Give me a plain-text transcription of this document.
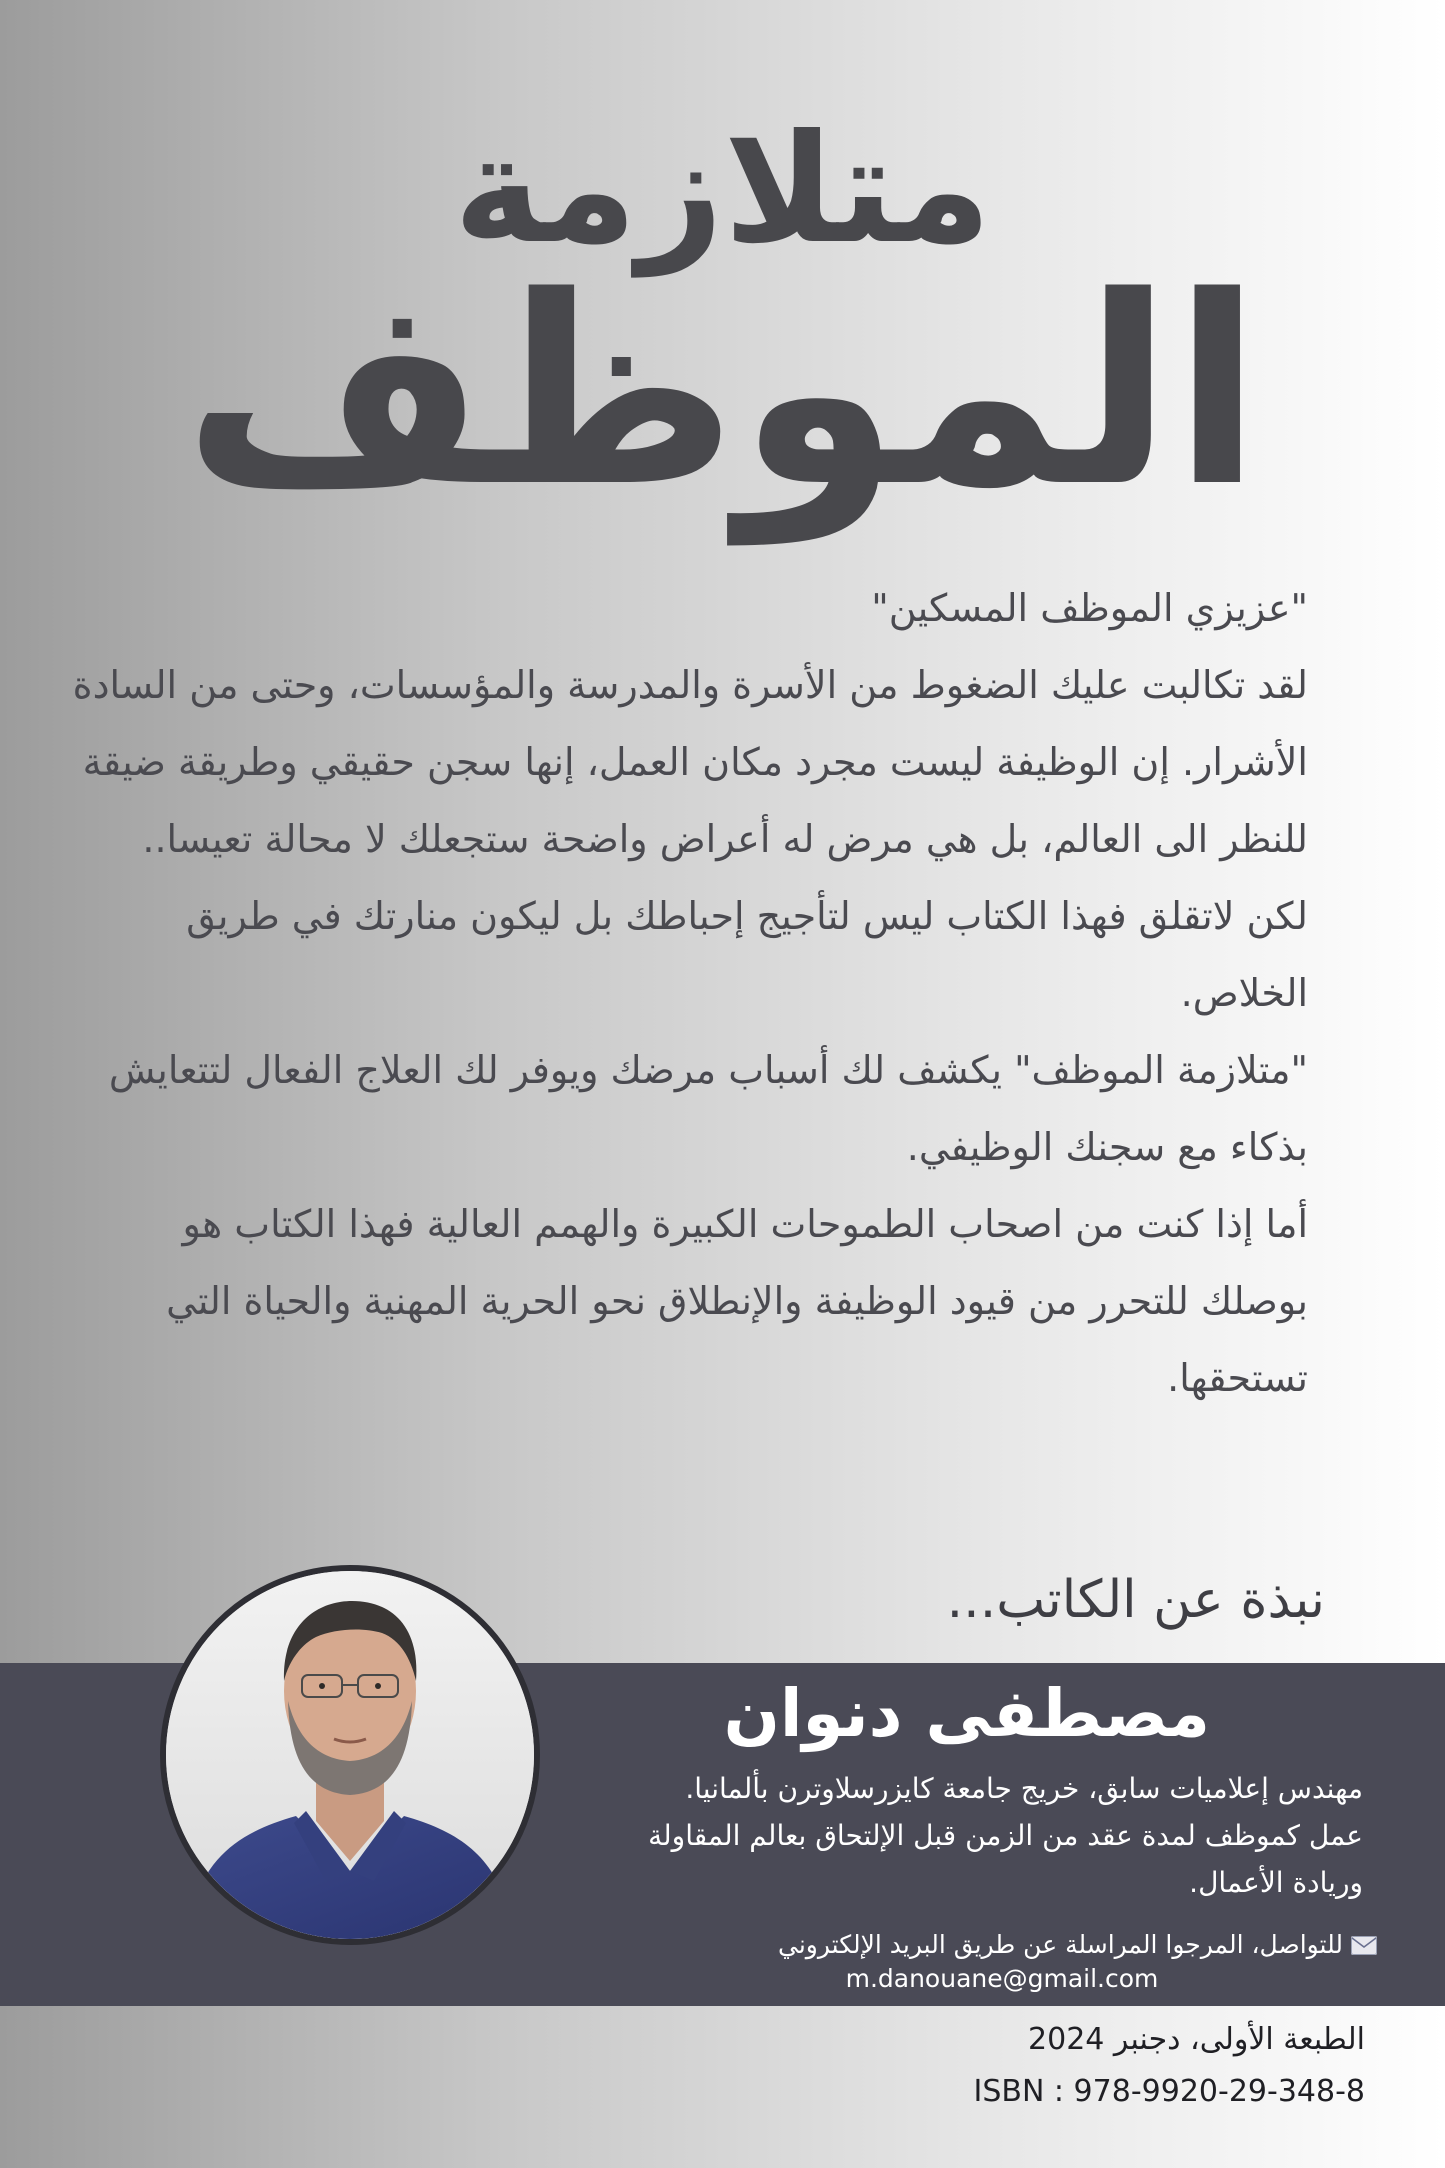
متلازمة
الموظف

"عزيزي الموظف المسكين"

لقد تكالبت عليك الضغوط من الأسرة والمدرسة والمؤسسات، وحتى من السادة الأشرار. إن الوظيفة ليست مجرد مكان العمل، إنها سجن حقيقي وطريقة ضيقة للنظر الى العالم، بل هي مرض له أعراض واضحة ستجعلك لا محالة تعيسا..

لكن لاتقلق فهذا الكتاب ليس لتأجيج إحباطك بل ليكون منارتك في طريق الخلاص.

"متلازمة الموظف" يكشف لك أسباب مرضك ويوفر لك العلاج الفعال لتتعايش بذكاء مع سجنك الوظيفي.

أما إذا كنت من اصحاب الطموحات الكبيرة والهمم العالية فهذا الكتاب هو بوصلك للتحرر من قيود الوظيفة والإنطلاق نحو الحرية المهنية والحياة التي تستحقها.

نبذة عن الكاتب...
مصطفى دنوان

مهندس إعلاميات سابق، خريج جامعة كايزرسلاوترن بألمانيا.

عمل كموظف لمدة عقد من الزمن قبل الإلتحاق بعالم المقاولة وريادة الأعمال.

للتواصل، المرجوا المراسلة عن طريق البريد الإلكتروني
m.danouane@gmail.com
الطبعة الأولى، دجنبر 2024
ISBN : 978-9920-29-348-8
